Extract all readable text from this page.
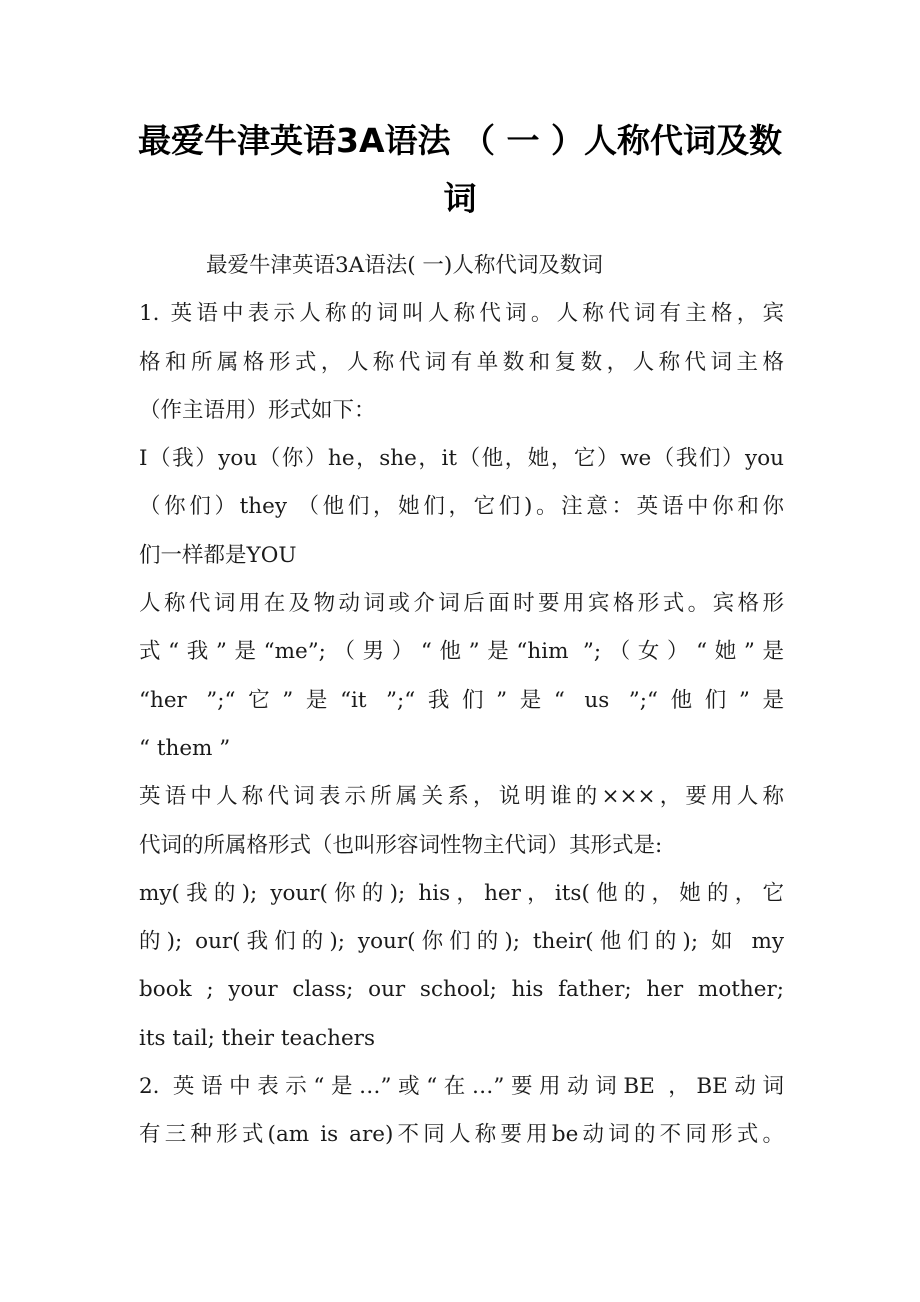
最爱牛津英语3A语法 （ 一 ）人称代词及数
词
最爱牛津英语3A语法( 一)人称代词及数词
1. 英语中表示人称的词叫人称代词。人称代词有主格，宾
格和所属格形式，人称代词有单数和复数，人称代词主格
（作主语用）形式如下：
I（我）you（你）he，she，it（他，她，它）we（我们）you
（你们）they （他们，她们，它们)。注意：英语中你和你
们一样都是YOU
人称代词用在及物动词或介词后面时要用宾格形式。宾格形
式“我”是“me”;（男）“他”是“him ”;（女）“她”是
“her ”;“它”是“it ”;“我们”是“ us ”;“他们”是
“ them ”
英语中人称代词表示所属关系，说明谁的×××，要用人称
代词的所属格形式（也叫形容词性物主代词）其形式是:
my(我的); your(你的); his，her，its(他的，她的，它
的); our(我们的); your(你们的); their(他们的); 如 my
book ; your class; our school; his father; her mother;
its tail; their teachers
2. 英语中表示“是…”或“在…”要用动词BE ，BE动词
有三种形式(am is are)不同人称要用be动词的不同形式。
